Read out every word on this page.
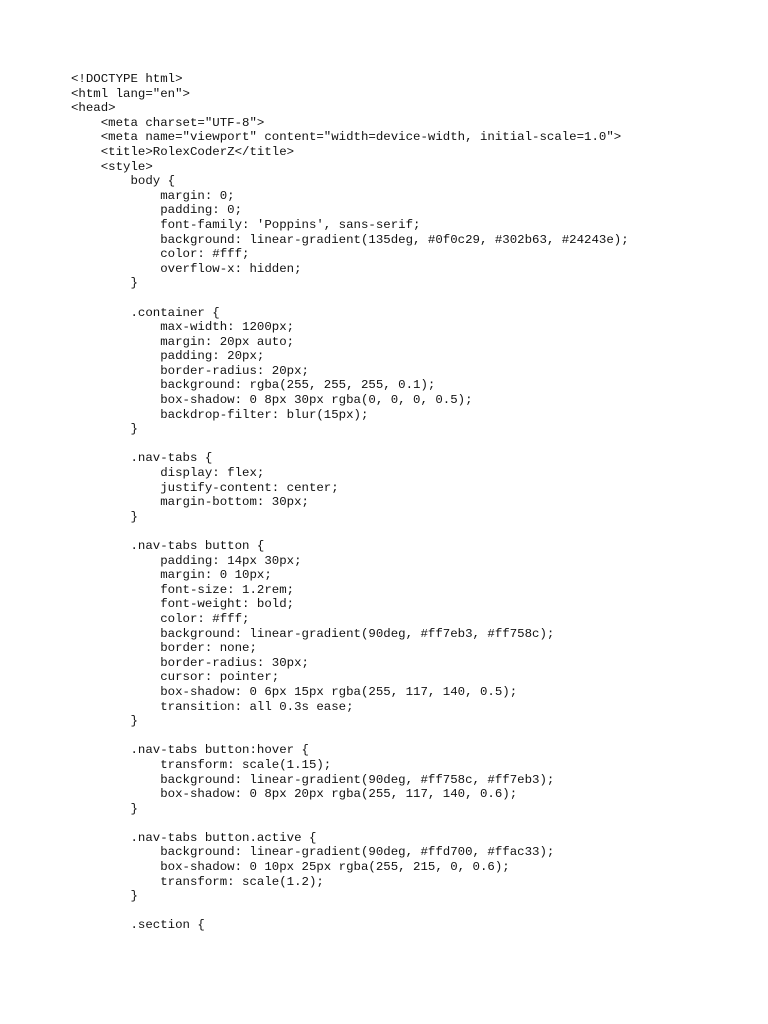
<!DOCTYPE html>
<html lang="en">
<head>
<meta charset="UTF-8">
<meta name="viewport" content="width=device-width, initial-scale=1.0">
<title>RolexCoderZ</title>
<style>
body {
margin: 0;
padding: 0;
font-family: 'Poppins', sans-serif;
background: linear-gradient(135deg, #0f0c29, #302b63, #24243e);
color: #fff;
overflow-x: hidden;
}
.container {
max-width: 1200px;
margin: 20px auto;
padding: 20px;
border-radius: 20px;
background: rgba(255, 255, 255, 0.1);
box-shadow: 0 8px 30px rgba(0, 0, 0, 0.5);
backdrop-filter: blur(15px);
}
.nav-tabs {
display: flex;
justify-content: center;
margin-bottom: 30px;
}
.nav-tabs button {
padding: 14px 30px;
margin: 0 10px;
font-size: 1.2rem;
font-weight: bold;
color: #fff;
background: linear-gradient(90deg, #ff7eb3, #ff758c);
border: none;
border-radius: 30px;
cursor: pointer;
box-shadow: 0 6px 15px rgba(255, 117, 140, 0.5);
transition: all 0.3s ease;
}
.nav-tabs button:hover {
transform: scale(1.15);
background: linear-gradient(90deg, #ff758c, #ff7eb3);
box-shadow: 0 8px 20px rgba(255, 117, 140, 0.6);
}
.nav-tabs button.active {
background: linear-gradient(90deg, #ffd700, #ffac33);
box-shadow: 0 10px 25px rgba(255, 215, 0, 0.6);
transform: scale(1.2);
}
.section {
